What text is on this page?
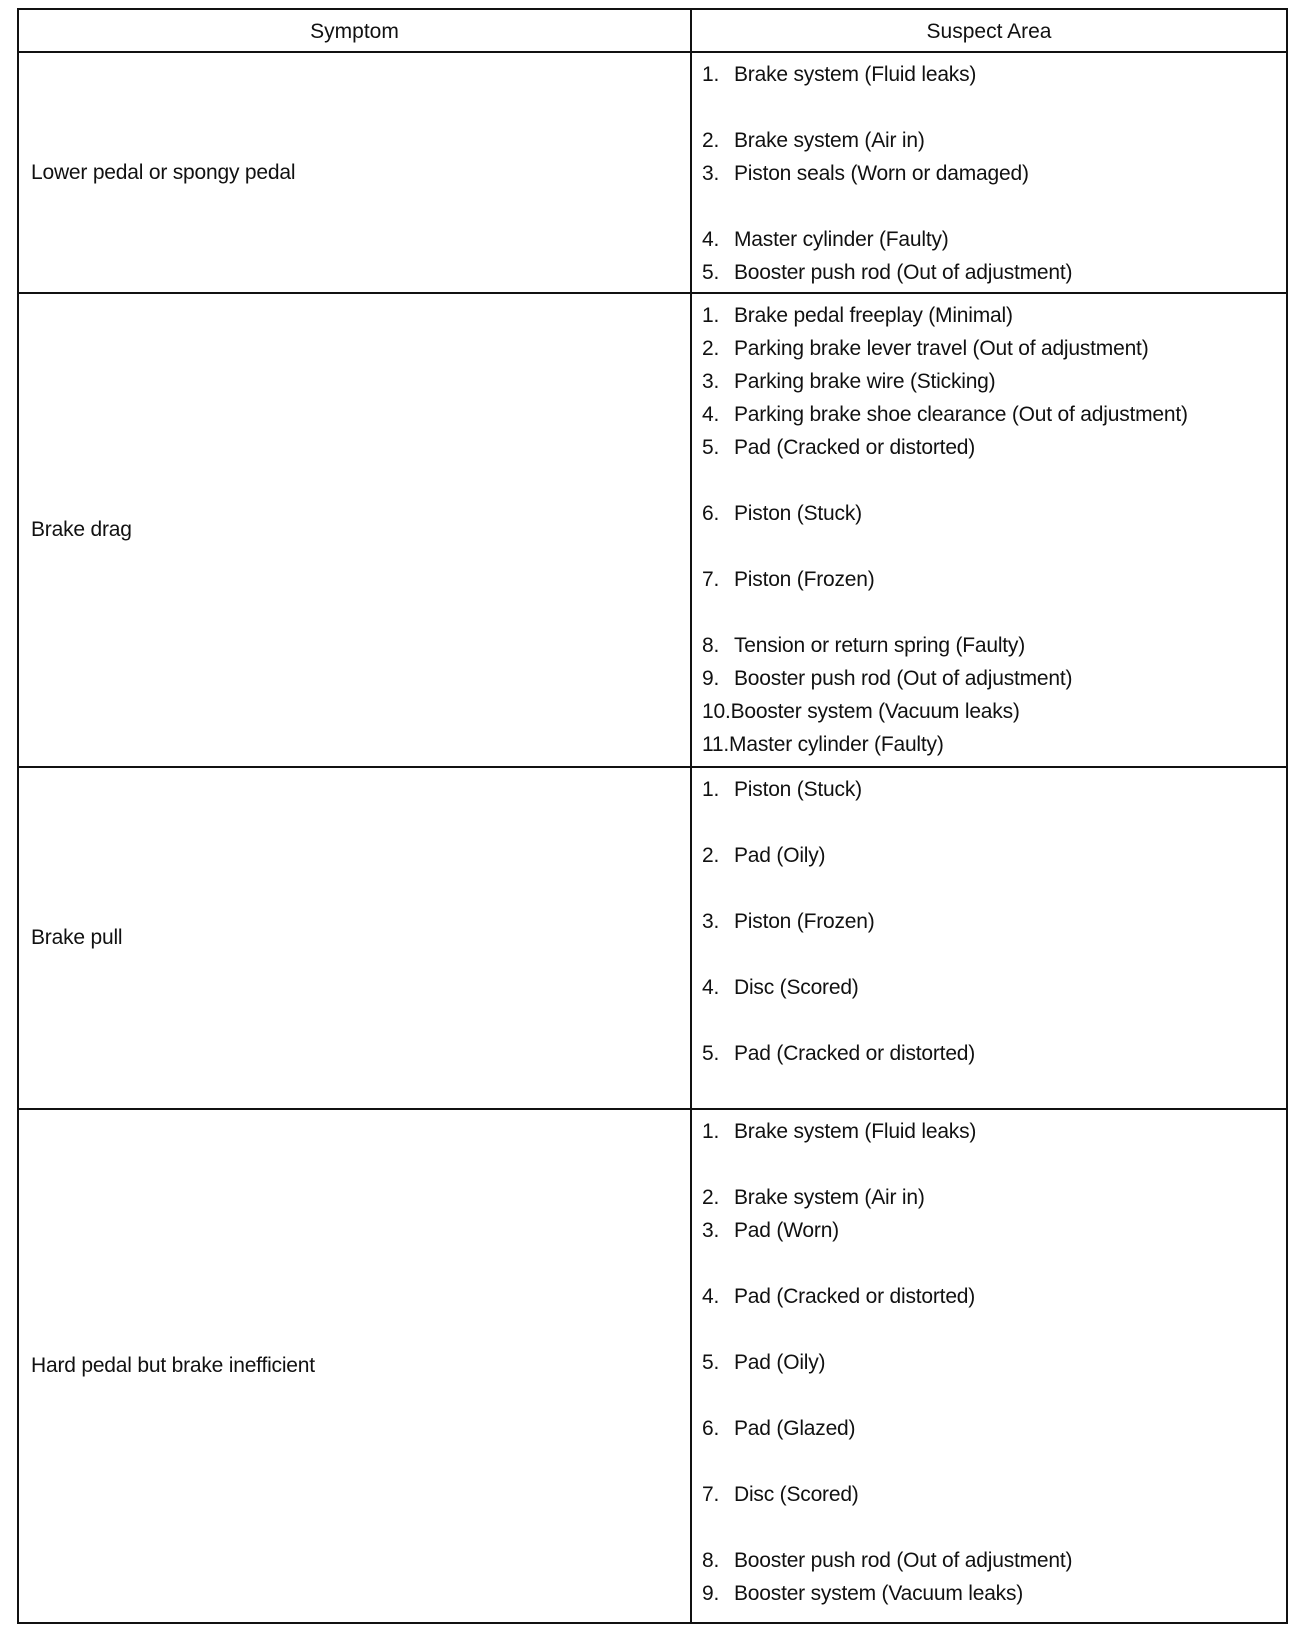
Symptom	Suspect Area
Lower pedal or spongy pedal
1. Brake system (Fluid leaks)
2. Brake system (Air in)
3. Piston seals (Worn or damaged)
4. Master cylinder (Faulty)
5. Booster push rod (Out of adjustment)
Brake drag
1. Brake pedal freeplay (Minimal)
2. Parking brake lever travel (Out of adjustment)
3. Parking brake wire (Sticking)
4. Parking brake shoe clearance (Out of adjustment)
5. Pad (Cracked or distorted)
6. Piston (Stuck)
7. Piston (Frozen)
8. Tension or return spring (Faulty)
9. Booster push rod (Out of adjustment)
10.Booster system (Vacuum leaks)
11.Master cylinder (Faulty)
Brake pull
1. Piston (Stuck)
2. Pad (Oily)
3. Piston (Frozen)
4. Disc (Scored)
5. Pad (Cracked or distorted)
Hard pedal but brake inefficient
1. Brake system (Fluid leaks)
2. Brake system (Air in)
3. Pad (Worn)
4. Pad (Cracked or distorted)
5. Pad (Oily)
6. Pad (Glazed)
7. Disc (Scored)
8. Booster push rod (Out of adjustment)
9. Booster system (Vacuum leaks)
